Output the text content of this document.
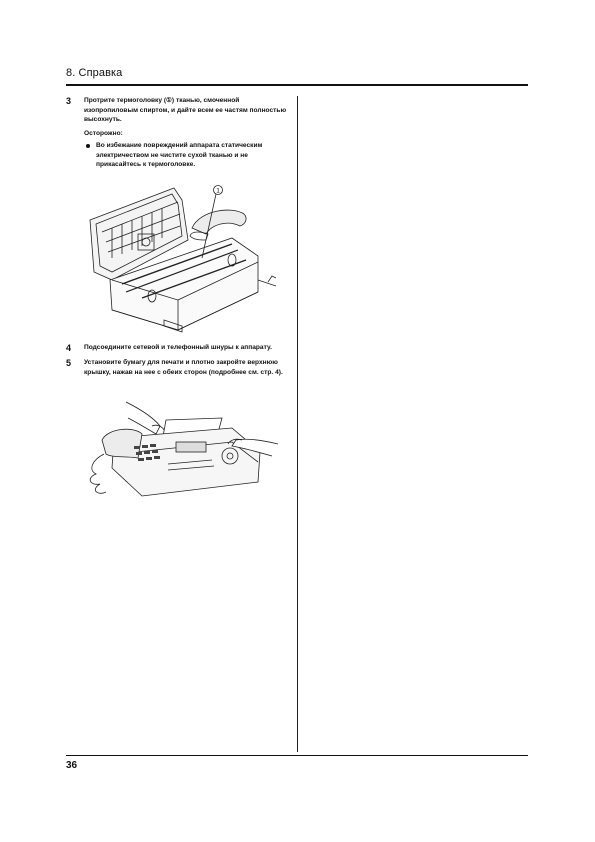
8. Справка
3 Протрите термоголовку (①) тканью, смоченной изопропиловым спиртом, и дайте всем ее частям полностью высохнуть.
Осторожно:
Во избежание повреждений аппарата статическим электричеством не чистите сухой тканью и не прикасайтесь к термоголовке.
1
4 Подсоедините сетевой и телефонный шнуры к аппарату.
5 Установите бумагу для печати и плотно закройте верхнюю крышку, нажав на нее с обеих сторон (подробнее см. стр. 4).
36
